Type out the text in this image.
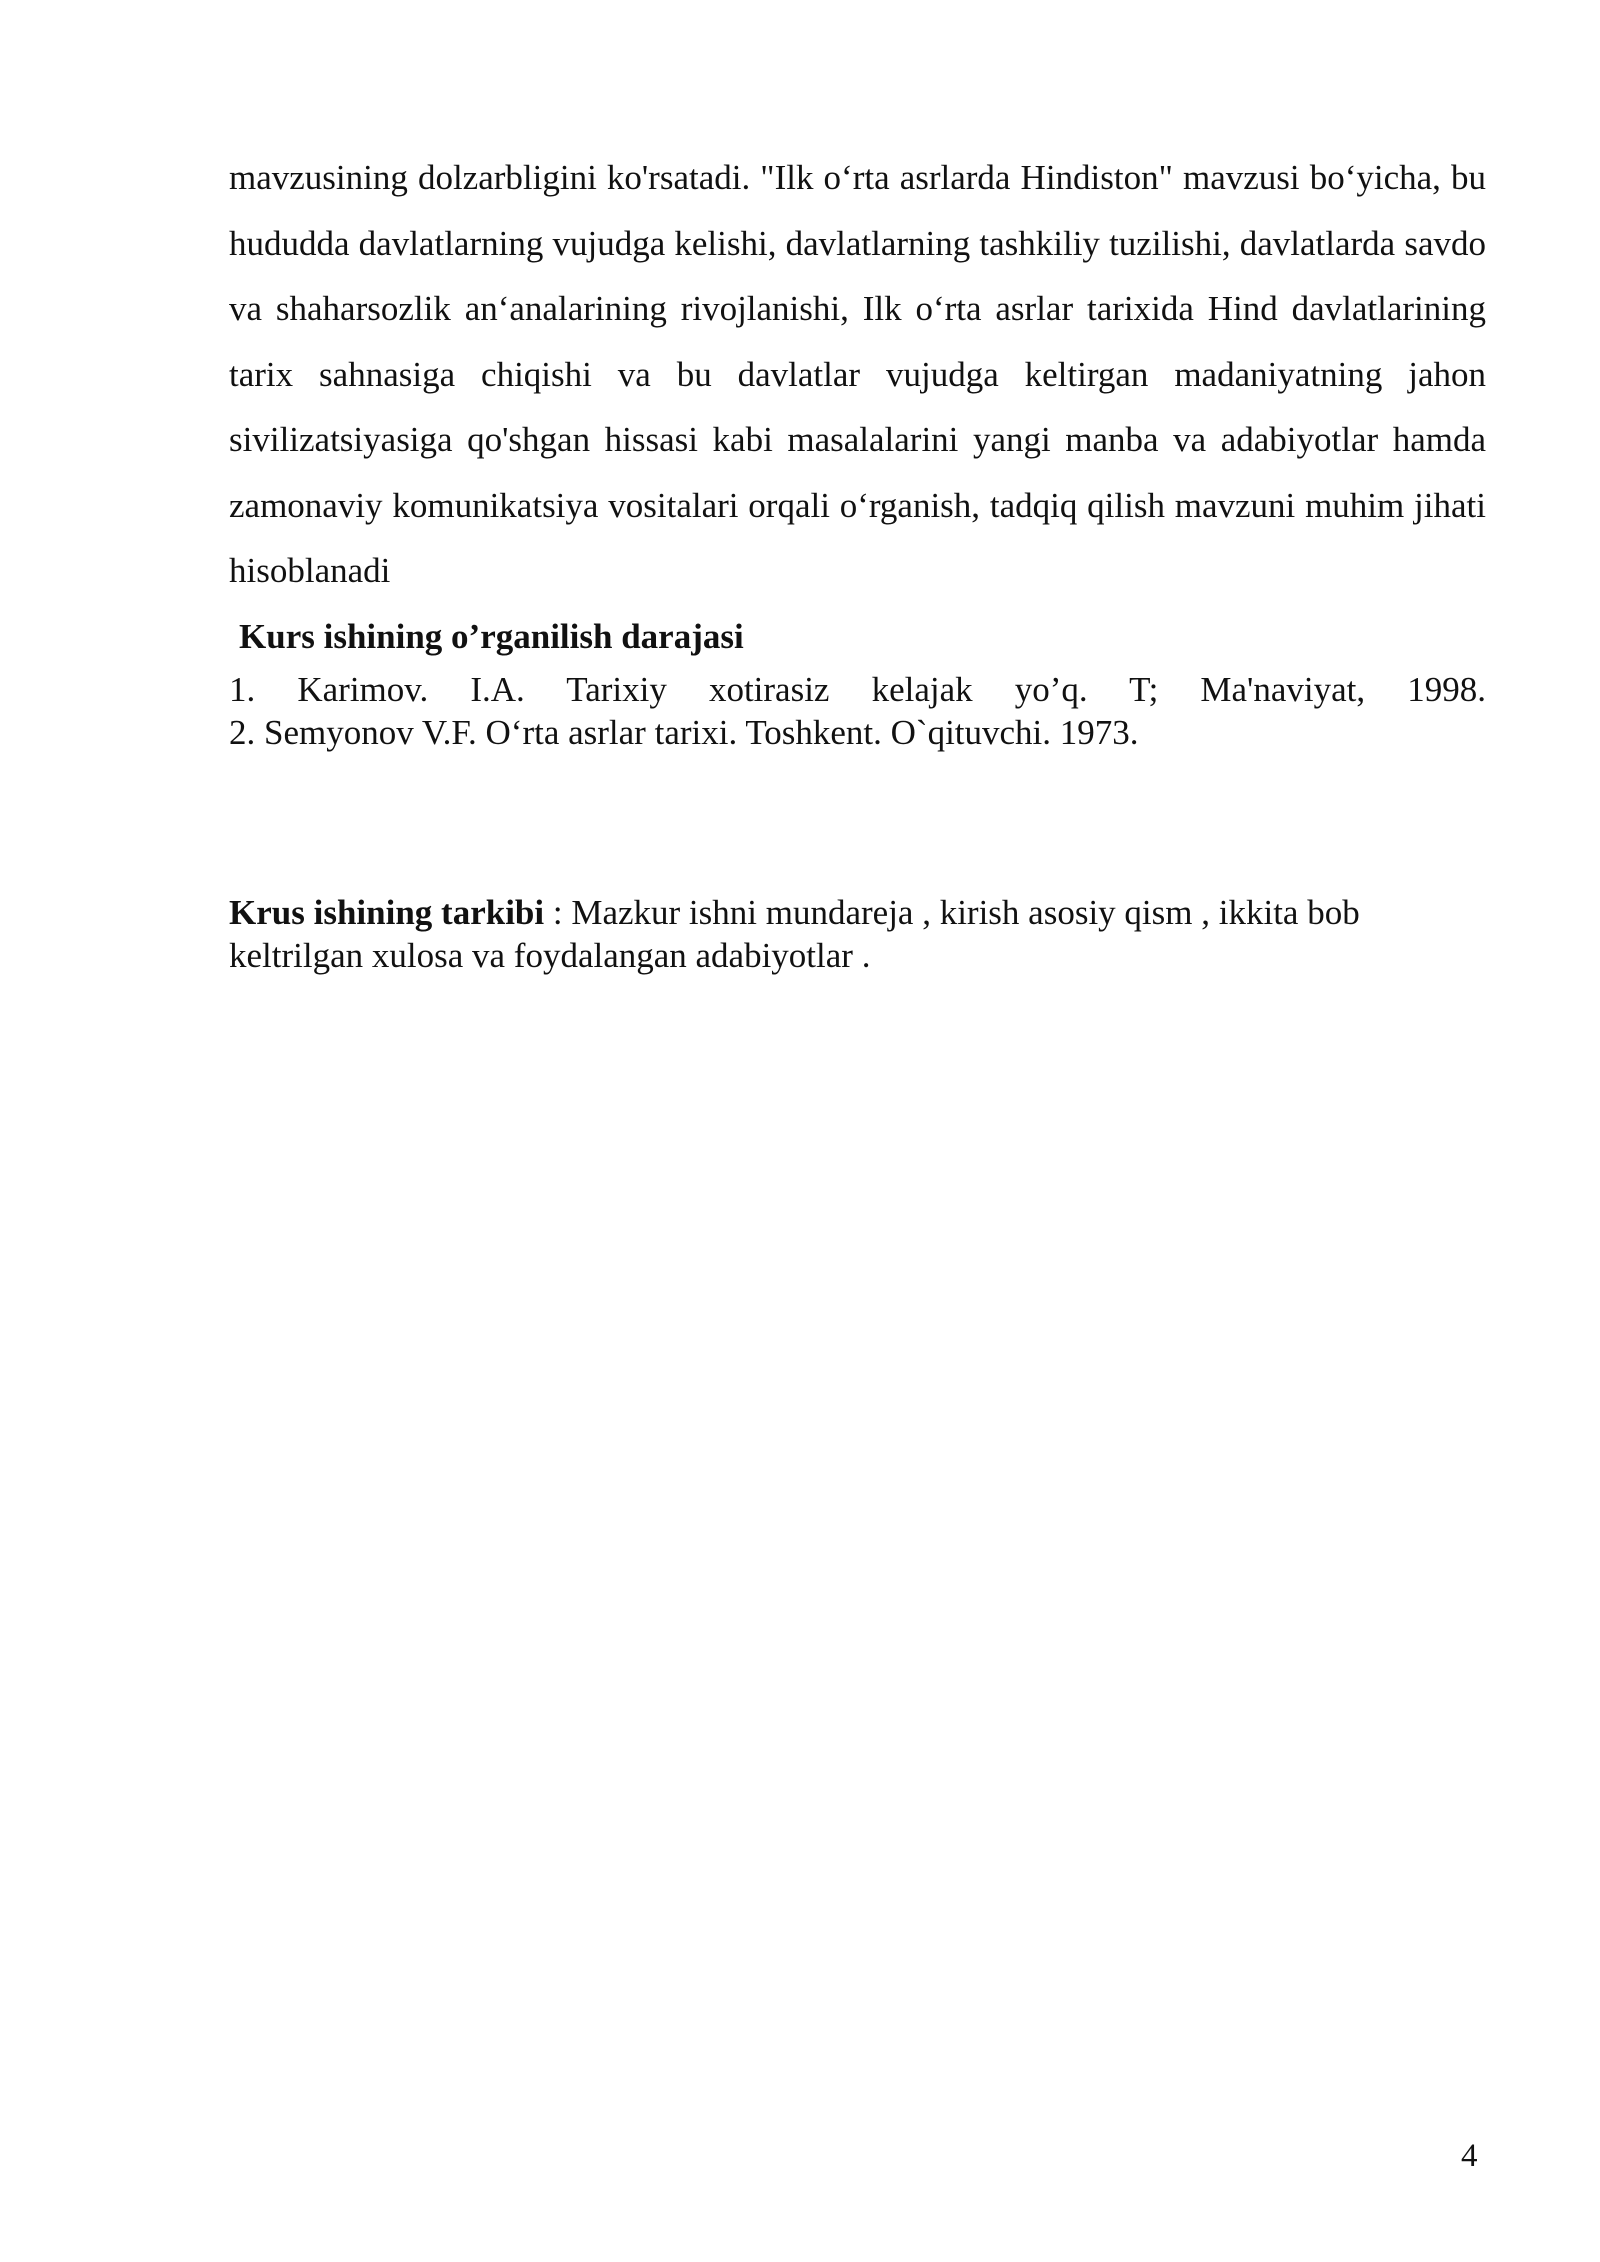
mavzusining dolzarbligini ko'rsatadi. "Ilk o‘rta asrlarda Hindiston" mavzusi bo‘yicha, bu hududda davlatlarning vujudga kelishi, davlatlarning tashkiliy tuzilishi, davlatlarda savdo va shaharsozlik an‘analarining rivojlanishi, Ilk o‘rta asrlar tarixida Hind davlatlarining tarix sahnasiga chiqishi va bu davlatlar vujudga keltirgan madaniyatning jahon sivilizatsiyasiga qo'shgan hissasi kabi masalalarini yangi manba va adabiyotlar hamda zamonaviy komunikatsiya vositalari orqali o‘rganish, tadqiq qilish mavzuni muhim jihati hisoblanadi

Kurs ishining o’rganilish darajasi

1. Karimov. I.A. Tarixiy xotirasiz kelajak yo’q. T; Ma'naviyat, 1998.

2. Semyonov V.F. O‘rta asrlar tarixi. Toshkent. O`qituvchi. 1973.

Krus ishining tarkibi : Mazkur ishni mundareja , kirish asosiy qism , ikkita bob keltrilgan xulosa va foydalangan adabiyotlar .

4
